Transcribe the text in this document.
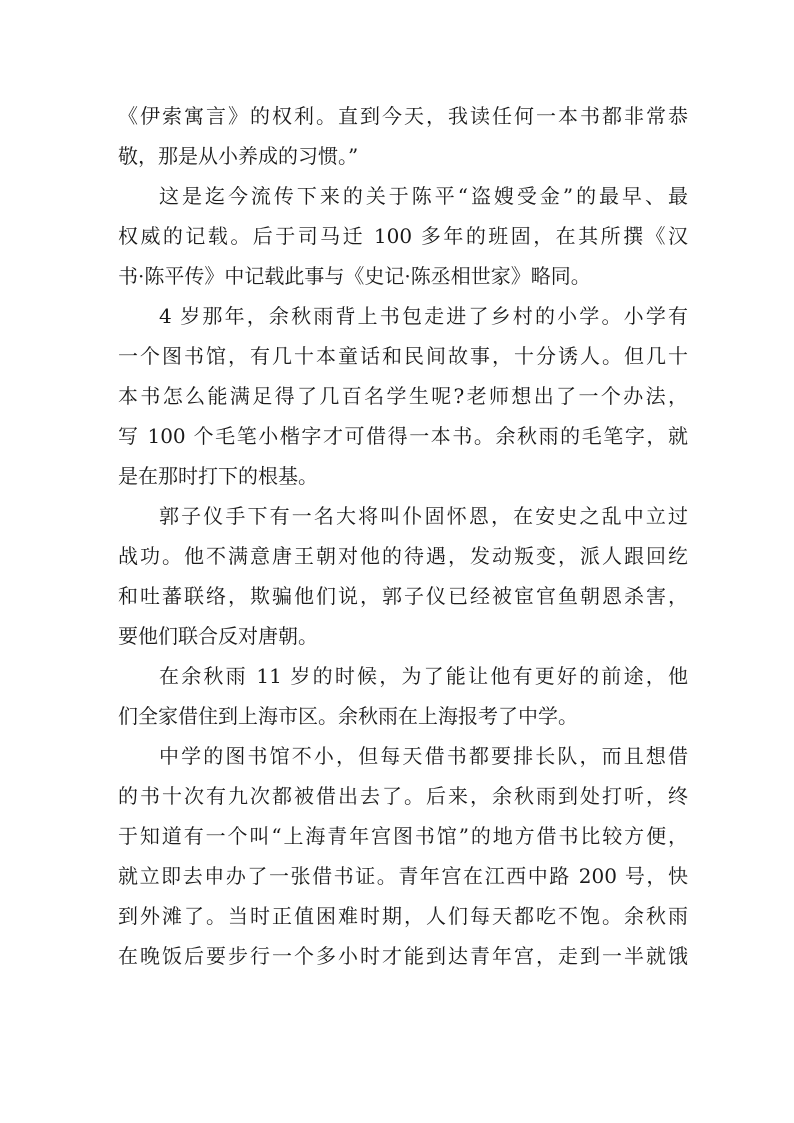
《伊索寓言》的权利。直到今天，我读任何一本书都非常恭
敬，那是从小养成的习惯。”
这是迄今流传下来的关于陈平“盗嫂受金”的最早、最
权威的记载。后于司马迁 100 多年的班固，在其所撰《汉
书·陈平传》中记载此事与《史记·陈丞相世家》略同。
4 岁那年，余秋雨背上书包走进了乡村的小学。小学有
一个图书馆，有几十本童话和民间故事，十分诱人。但几十
本书怎么能满足得了几百名学生呢?老师想出了一个办法，
写 100 个毛笔小楷字才可借得一本书。余秋雨的毛笔字，就
是在那时打下的根基。
郭子仪手下有一名大将叫仆固怀恩，在安史之乱中立过
战功。他不满意唐王朝对他的待遇，发动叛变，派人跟回纥
和吐蕃联络，欺骗他们说，郭子仪已经被宦官鱼朝恩杀害，
要他们联合反对唐朝。
在余秋雨 11 岁的时候，为了能让他有更好的前途，他
们全家借住到上海市区。余秋雨在上海报考了中学。
中学的图书馆不小，但每天借书都要排长队，而且想借
的书十次有九次都被借出去了。后来，余秋雨到处打听，终
于知道有一个叫“上海青年宫图书馆”的地方借书比较方便，
就立即去申办了一张借书证。青年宫在江西中路 200 号，快
到外滩了。当时正值困难时期，人们每天都吃不饱。余秋雨
在晚饭后要步行一个多小时才能到达青年宫，走到一半就饿
